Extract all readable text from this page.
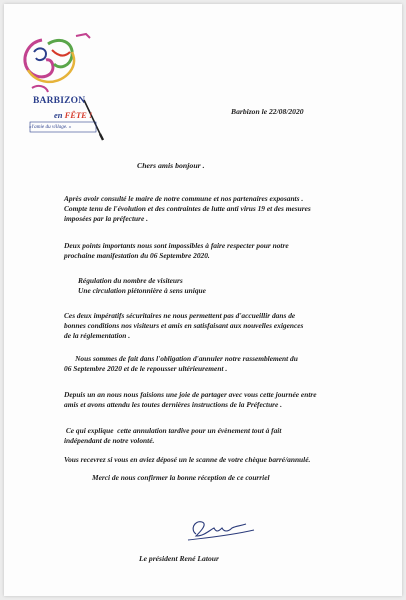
BARBIZON
en FÊTE !
«l'amie du village. »
Barbizon le 22/08/2020
Chers amis bonjour .
Après avoir consulté le maire de notre commune et nos partenaires exposants .
Compte tenu de l'évolution et des contraintes de lutte anti virus 19 et des mesures
imposées par la préfecture .
Deux points importants nous sont impossibles à faire respecter pour notre
prochaine manifestation du 06 Septembre 2020.
Régulation du nombre de visiteurs
Une circulation piétonnière à sens unique
Ces deux impératifs sécuritaires ne nous permettent pas d'accueillir dans de
bonnes conditions nos visiteurs et amis en satisfaisant aux nouvelles exigences
de la réglementation .
Nous sommes de fait dans l'obligation d'annuler notre rassemblement du
06 Septembre 2020 et de le repousser ultérieurement .
Depuis un an nous nous faisions une joie de partager avec vous cette journée entre
amis et avons attendu les toutes dernières instructions de la Préfecture .
Ce qui explique  cette annulation tardive pour un évènement tout à fait
indépendant de notre volonté.
Vous recevrez si vous en aviez déposé un le scanne de votre chèque barré/annulé.
Merci de nous confirmer la bonne réception de ce courriel
Le président René Latour
